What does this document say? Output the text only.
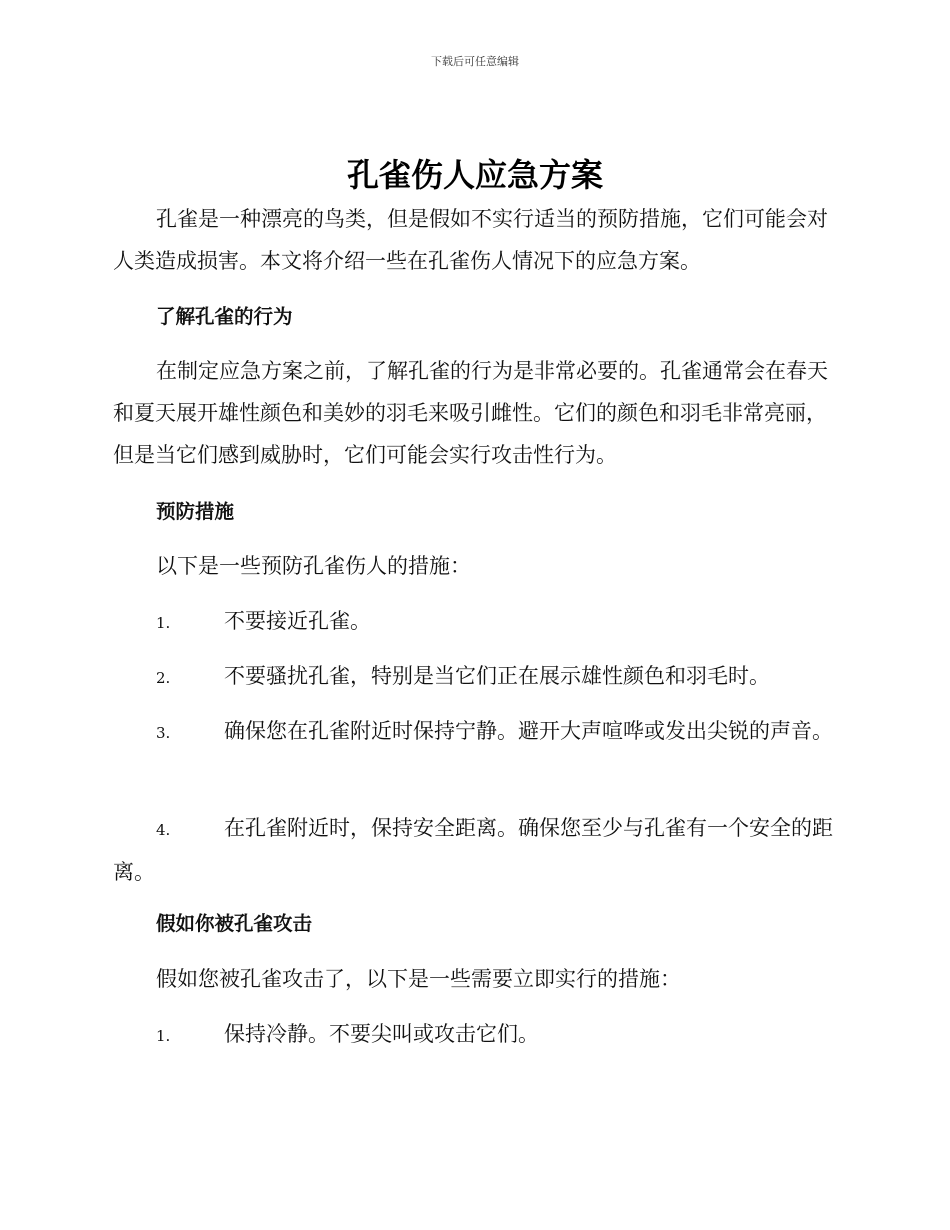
下载后可任意编辑
孔雀伤人应急方案

孔雀是一种漂亮的鸟类，但是假如不实行适当的预防措施，它们可能会对人类造成损害。本文将介绍一些在孔雀伤人情况下的应急方案。

了解孔雀的行为

在制定应急方案之前，了解孔雀的行为是非常必要的。孔雀通常会在春天和夏天展开雄性颜色和美妙的羽毛来吸引雌性。它们的颜色和羽毛非常亮丽，但是当它们感到威胁时，它们可能会实行攻击性行为。

预防措施

以下是一些预防孔雀伤人的措施：

1.	不要接近孔雀。

2.	不要骚扰孔雀，特别是当它们正在展示雄性颜色和羽毛时。

3.	确保您在孔雀附近时保持宁静。避开大声喧哗或发出尖锐的声音。

4.	在孔雀附近时，保持安全距离。确保您至少与孔雀有一个安全的距离。

假如你被孔雀攻击

假如您被孔雀攻击了，以下是一些需要立即实行的措施：

1.	保持冷静。不要尖叫或攻击它们。
